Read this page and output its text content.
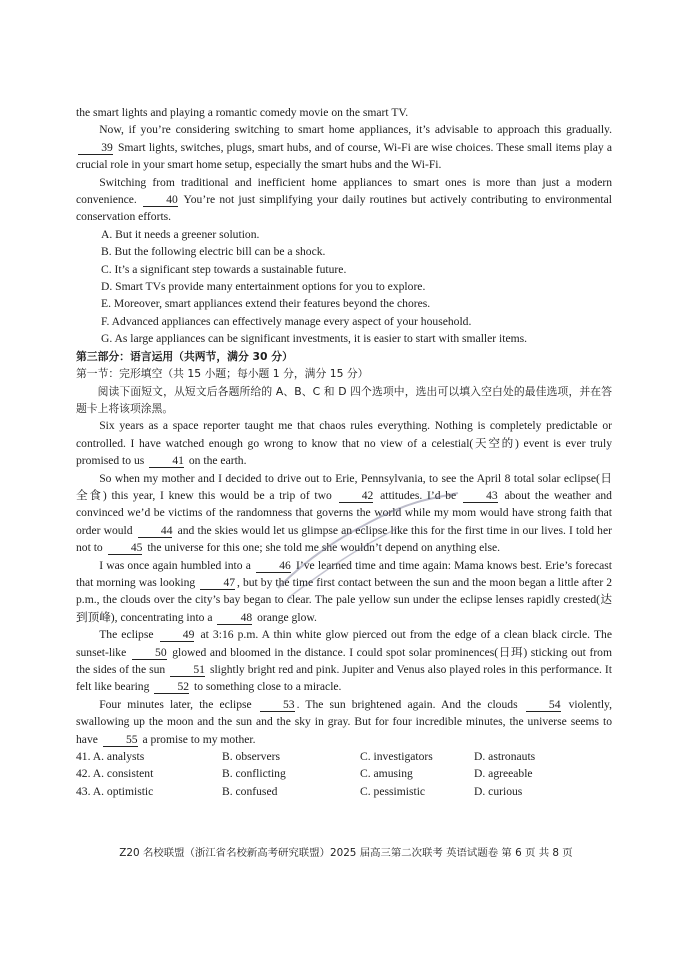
the smart lights and playing a romantic comedy movie on the smart TV.

Now, if you’re considering switching to smart home appliances, it’s advisable to approach this gradually. 39 Smart lights, switches, plugs, smart hubs, and of course, Wi-Fi are wise choices. These small items play a crucial role in your smart home setup, especially the smart hubs and the Wi-Fi.

Switching from traditional and inefficient home appliances to smart ones is more than just a modern convenience.	40 You’re not just simplifying your daily routines but actively contributing to environmental conservation efforts.

A. But it needs a greener solution.

B. But the following electric bill can be a shock.

C. It’s a significant step towards a sustainable future.

D. Smart TVs provide many entertainment options for you to explore.

E. Moreover, smart appliances extend their features beyond the chores.

F. Advanced appliances can effectively manage every aspect of your household.

G. As large appliances can be significant investments, it is easier to start with smaller items.

第三部分：语言运用（共两节，满分 30 分）

第一节：完形填空（共 15 小题；每小题 1 分，满分 15 分）

阅读下面短文，从短文后各题所给的 A、B、C 和 D 四个选项中，选出可以填入空白处的最佳选项，并在答题卡上将该项涂黑。

Six years as a space reporter taught me that chaos rules everything. Nothing is completely predictable or controlled. I have watched enough go wrong to know that no view of a celestial(天空的) event is ever truly promised to us 41 on the earth.

So when my mother and I decided to drive out to Erie, Pennsylvania, to see the April 8 total solar eclipse(日全食) this year, I knew this would be a trip of two	42 attitudes. I’d be	43 about the weather and convinced we’d be victims of the randomness that governs the world while my mom would have strong faith that order would 44 and the skies would let us glimpse an eclipse like this for the first time in our lives. I told her not to 45 the universe for this one; she told me she wouldn’t depend on anything else.

I was once again humbled into a 46 I’ve learned time and time again: Mama knows best. Erie’s forecast that morning was looking 47 , but by the time first contact between the sun and the moon began a little after 2 p.m., the clouds over the city’s bay began to clear. The pale yellow sun under the eclipse lenses rapidly crested(达到顶峰), concentrating into a 48 orange glow.

The eclipse	49 at 3:16 p.m. A thin white glow pierced out from the edge of a clean black circle. The sunset-like 50 glowed and bloomed in the distance. I could spot solar prominences(日珥) sticking out from the sides of the sun 51 slightly bright red and pink. Jupiter and Venus also played roles in this performance. It felt like bearing 52 to something close to a miracle.

Four minutes later, the eclipse	53 . The sun brightened again. And the clouds	54 violently, swallowing up the moon and the sun and the sky in gray. But for four incredible minutes, the universe seems to have 55 a promise to my mother.

41. A. analysts	B. observers	C. investigators	D. astronauts
42. A. consistent	B. conflicting	C. amusing	D. agreeable
43. A. optimistic	B. confused	C. pessimistic	D. curious
Z20 名校联盟（浙江省名校新高考研究联盟）2025 届高三第二次联考 英语试题卷 第 6 页 共 8 页
